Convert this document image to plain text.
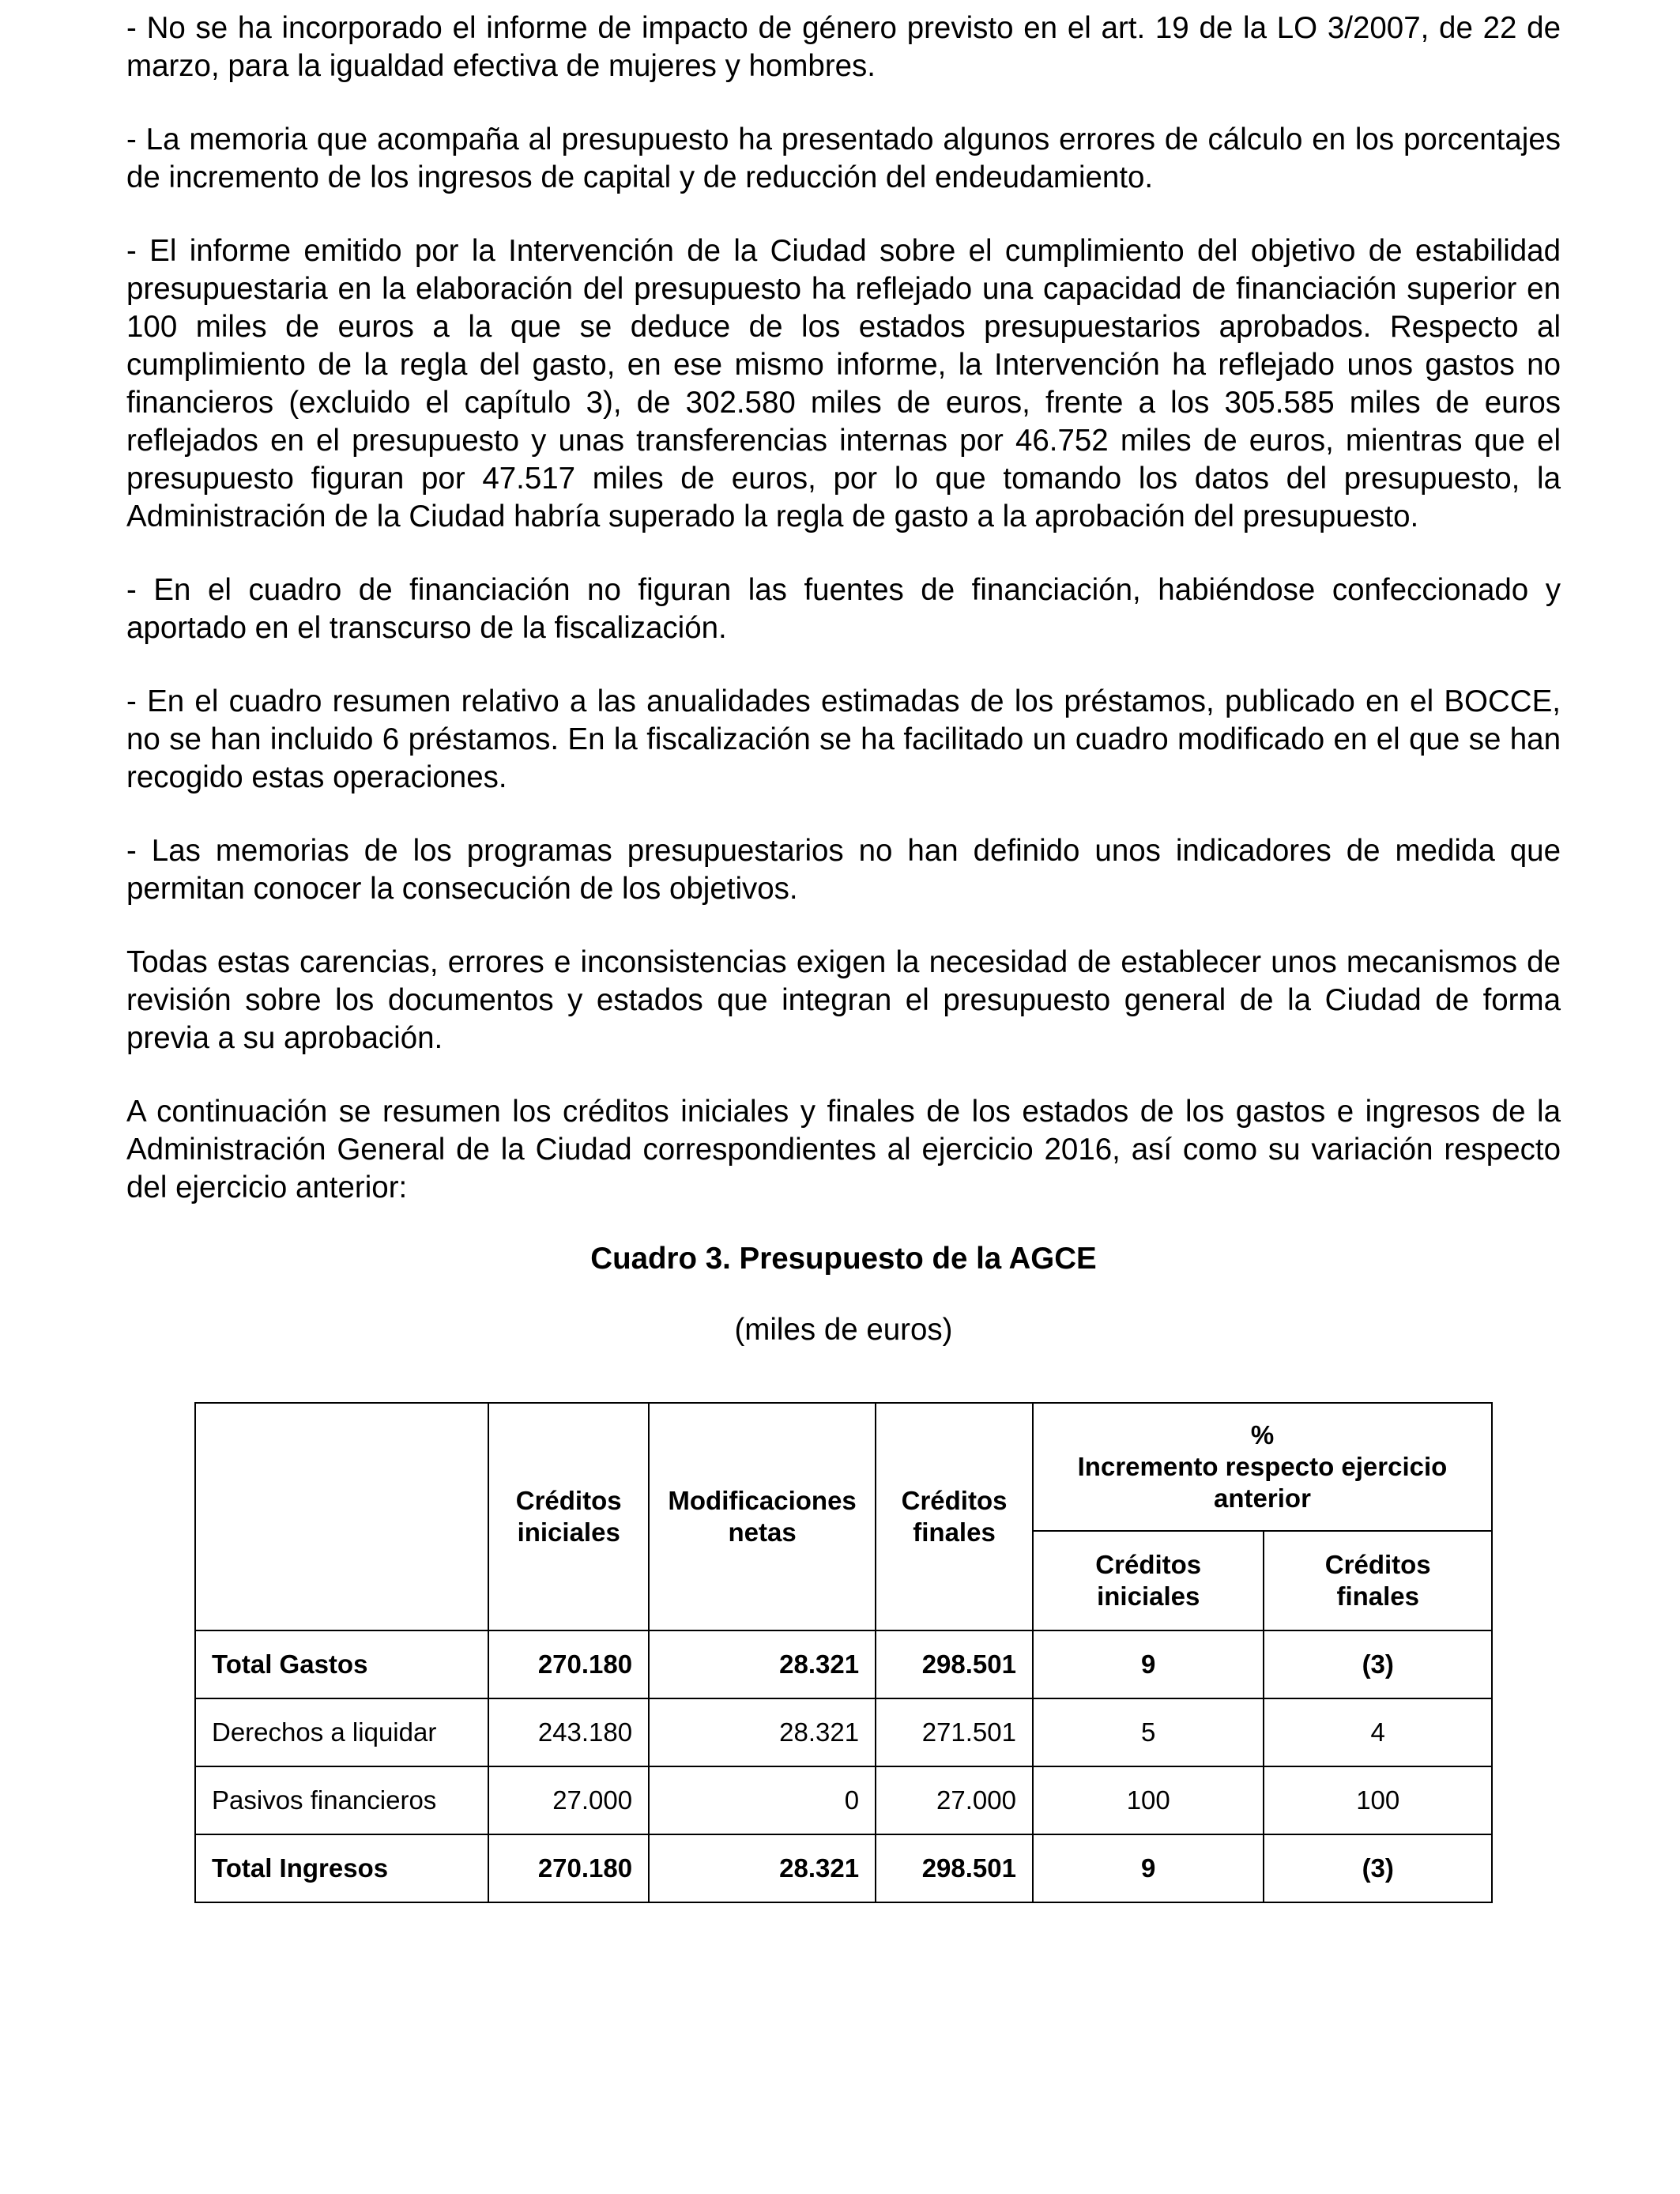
- No se ha incorporado el informe de impacto de género previsto en el art. 19 de la LO 3/2007, de 22 de marzo, para la igualdad efectiva de mujeres y hombres.

- La memoria que acompaña al presupuesto ha presentado algunos errores de cálculo en los porcentajes de incremento de los ingresos de capital y de reducción del endeudamiento.

- El informe emitido por la Intervención de la Ciudad sobre el cumplimiento del objetivo de estabilidad presupuestaria en la elaboración del presupuesto ha reflejado una capacidad de financiación superior en 100 miles de euros a la que se deduce de los estados presupuestarios aprobados. Respecto al cumplimiento de la regla del gasto, en ese mismo informe, la Intervención ha reflejado unos gastos no financieros (excluido el capítulo 3), de 302.580 miles de euros, frente a los 305.585 miles de euros reflejados en el presupuesto y unas transferencias internas por 46.752 miles de euros, mientras que el presupuesto figuran por 47.517 miles de euros, por lo que tomando los datos del presupuesto, la Administración de la Ciudad habría superado la regla de gasto a la aprobación del presupuesto.

- En el cuadro de financiación no figuran las fuentes de financiación, habiéndose confeccionado y aportado en el transcurso de la fiscalización.

- En el cuadro resumen relativo a las anualidades estimadas de los préstamos, publicado en el BOCCE, no se han incluido 6 préstamos. En la fiscalización se ha facilitado un cuadro modificado en el que se han recogido estas operaciones.

- Las memorias de los programas presupuestarios no han definido unos indicadores de medida que permitan conocer la consecución de los objetivos.

Todas estas carencias, errores e inconsistencias exigen la necesidad de establecer unos mecanismos de revisión sobre los documentos y estados que integran el presupuesto general de la Ciudad de forma previa a su aprobación.

A continuación se resumen los créditos iniciales y finales de los estados de los gastos e ingresos de la Administración General de la Ciudad correspondientes al ejercicio 2016, así como su variación respecto del ejercicio anterior:

Cuadro 3. Presupuesto de la AGCE
(miles de euros)
	Créditos iniciales	Modificaciones netas	Créditos finales	%
Incremento respecto ejercicio anterior	

				Créditos iniciales	Créditos finales
Total Gastos	270.180	28.321	298.501	9	(3)
Derechos a liquidar	243.180	28.321	271.501	5	4
Pasivos financieros	27.000	0	27.000	100	100
Total Ingresos	270.180	28.321	298.501	9	(3)
